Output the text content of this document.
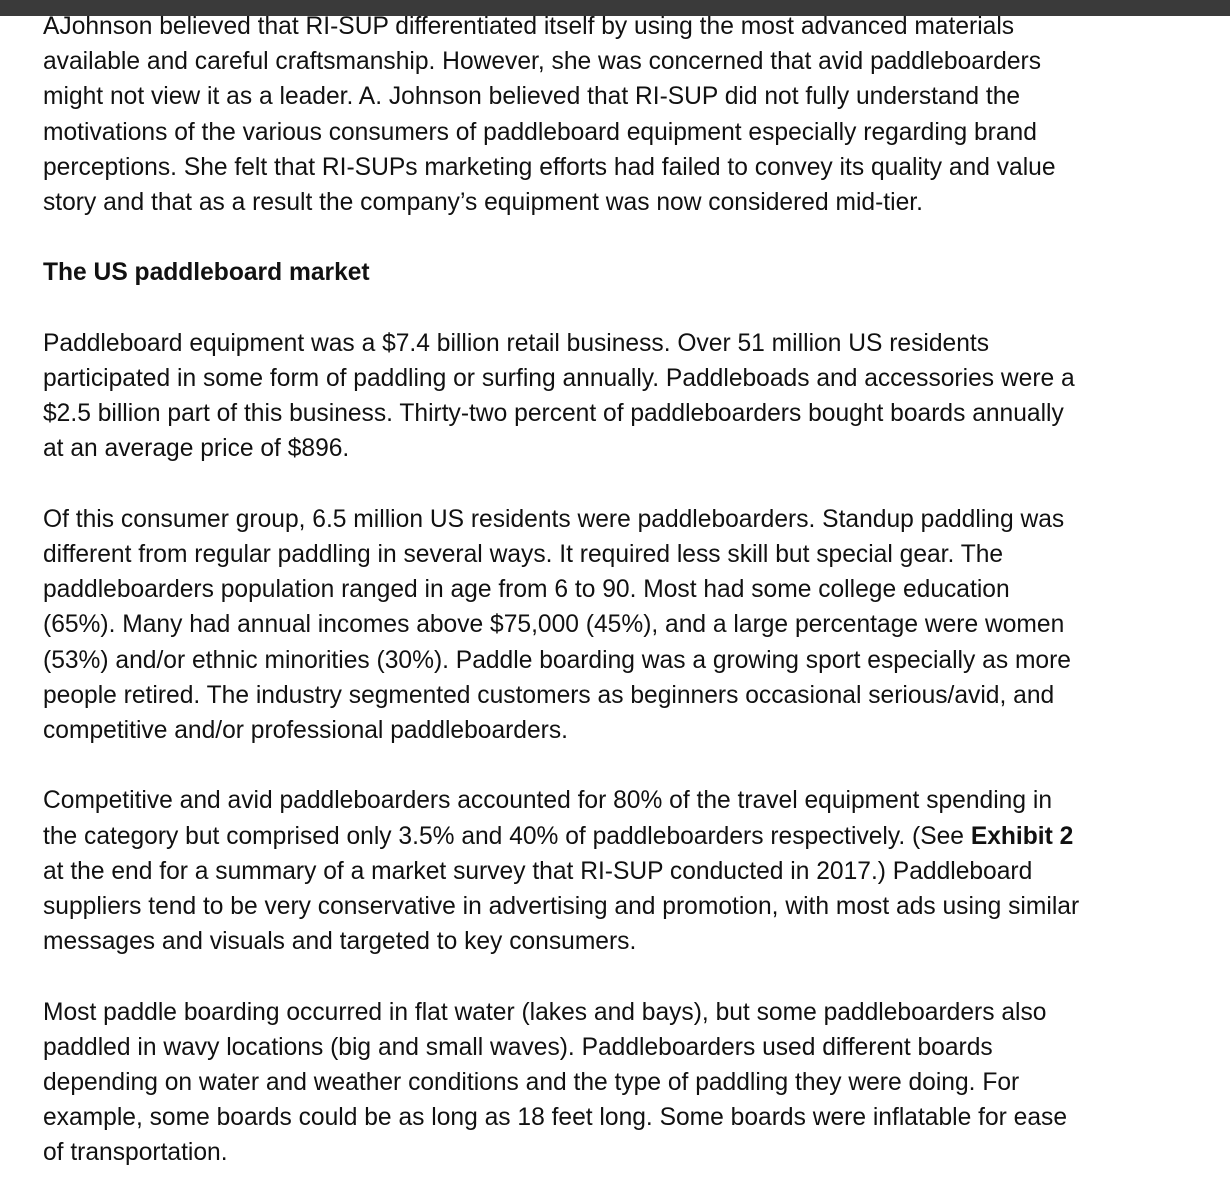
AJohnson believed that RI-SUP differentiated itself by using the most advanced materials
available and careful craftsmanship. However, she was concerned that avid paddleboarders
might not view it as a leader. A. Johnson believed that RI-SUP did not fully understand the
motivations of the various consumers of paddleboard equipment especially regarding brand
perceptions. She felt that RI-SUPs marketing efforts had failed to convey its quality and value
story and that as a result the company’s equipment was now considered mid-tier.

The US paddleboard market

Paddleboard equipment was a $7.4 billion retail business. Over 51 million US residents
participated in some form of paddling or surfing annually. Paddleboads and accessories were a
$2.5 billion part of this business. Thirty-two percent of paddleboarders bought boards annually
at an average price of $896.

Of this consumer group, 6.5 million US residents were paddleboarders. Standup paddling was
different from regular paddling in several ways. It required less skill but special gear. The
paddleboarders population ranged in age from 6 to 90. Most had some college education
(65%). Many had annual incomes above $75,000 (45%), and a large percentage were women
(53%) and/or ethnic minorities (30%). Paddle boarding was a growing sport especially as more
people retired. The industry segmented customers as beginners occasional serious/avid, and
competitive and/or professional paddleboarders.

Competitive and avid paddleboarders accounted for 80% of the travel equipment spending in
the category but comprised only 3.5% and 40% of paddleboarders respectively. (See Exhibit 2
at the end for a summary of a market survey that RI-SUP conducted in 2017.) Paddleboard
suppliers tend to be very conservative in advertising and promotion, with most ads using similar
messages and visuals and targeted to key consumers.

Most paddle boarding occurred in flat water (lakes and bays), but some paddleboarders also
paddled in wavy locations (big and small waves). Paddleboarders used different boards
depending on water and weather conditions and the type of paddling they were doing. For
example, some boards could be as long as 18 feet long. Some boards were inflatable for ease
of transportation.
